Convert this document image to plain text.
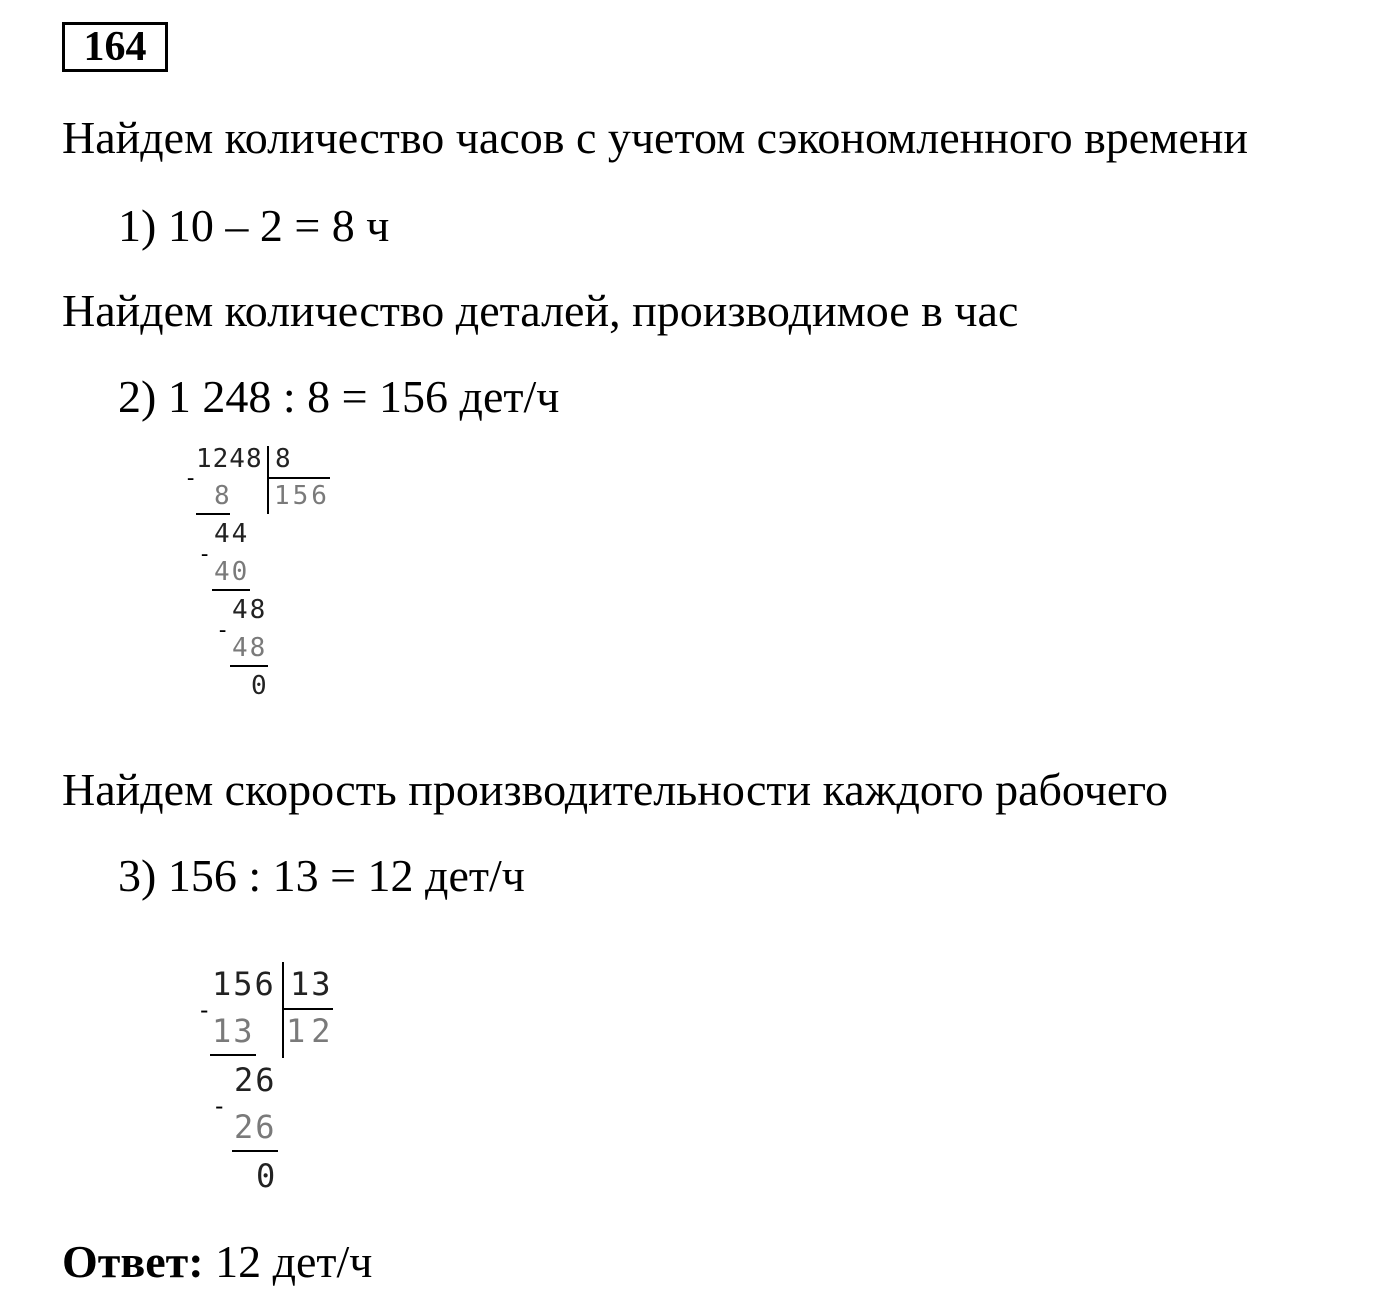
164
Найдем количество часов с учетом сэкономленного времени
1) 10 – 2 = 8 ч
Найдем количество деталей, производимое в час
2) 1 248 : 8 = 156 дет/ч
1248 8
156
-
8
44
-
40
48
-
48
0
Найдем скорость производительности каждого рабочего
3) 156 : 13 = 12 дет/ч
156 13
12
-
13
26
-
26
0
Ответ: 12 дет/ч
